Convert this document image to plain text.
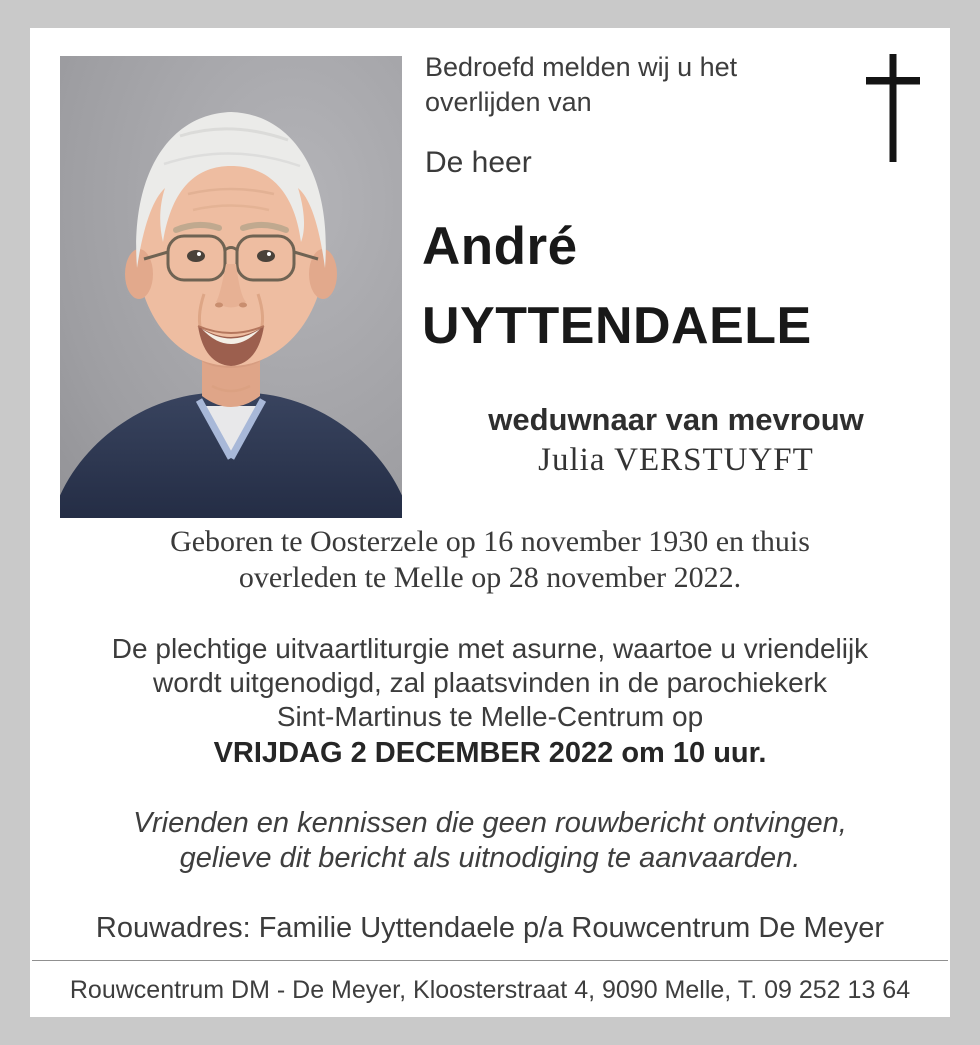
Bedroefd melden wij u het
overlijden van
De heer
André
UYTTENDAELE
weduwnaar van mevrouw
Julia VERSTUYFT
Geboren te Oosterzele op 16 november 1930 en thuis
overleden te Melle op 28 november 2022.
De plechtige uitvaartliturgie met asurne, waartoe u vriendelijk
wordt uitgenodigd, zal plaatsvinden in de parochiekerk
Sint-Martinus te Melle-Centrum op
VRIJDAG 2 DECEMBER 2022 om 10 uur.
Vrienden en kennissen die geen rouwbericht ontvingen,
gelieve dit bericht als uitnodiging te aanvaarden.
Rouwadres: Familie Uyttendaele p/a Rouwcentrum De Meyer
Rouwcentrum DM - De Meyer, Kloosterstraat 4, 9090 Melle, T. 09 252 13 64
